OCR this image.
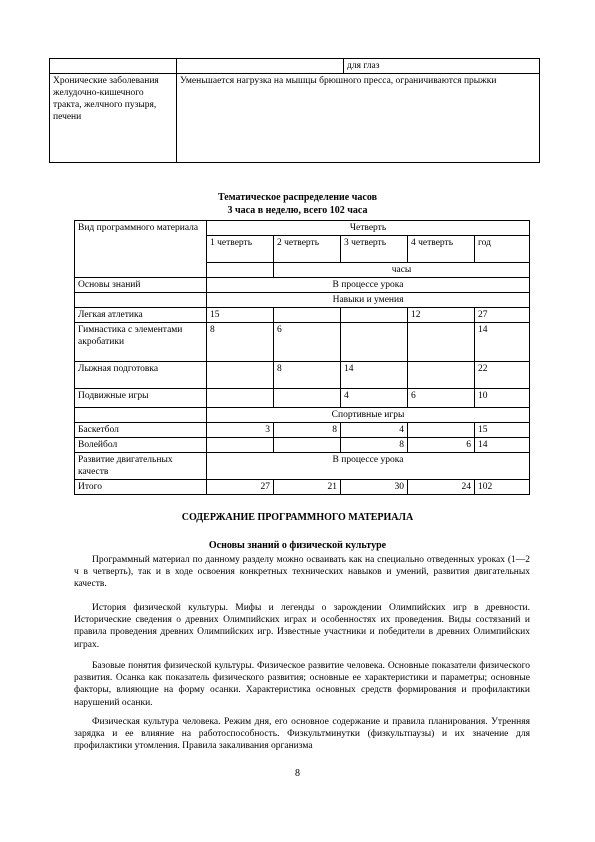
		для глаз
Хронические заболевания желудочно-кишечного тракта, желчного пузыря, печени	Уменьшается нагрузка на мышцы брюшного пресса, ограничиваются прыжки	
Тематическое распределение часов
3 часа в неделю, всего 102 часа
Вид программного материала	Четверть				
	1 четверть	2 четверть	3 четверть	4 четверть	год
		часы			
Основы знаний	В процессе урока				
	Навыки и умения				
Легкая атлетика	15			12	27
Гимнастика с элементами акробатики	8	6			14
Лыжная подготовка		8	14		22
Подвижные игры			4	6	10
	Спортивные игры				
Баскетбол	3	8	4		15
Волейбол			8	6	14
Развитие двигательных качеств	В процессе урока				
Итого	27	21	30	24	102
СОДЕРЖАНИЕ ПРОГРАММНОГО МАТЕРИАЛА
Основы знаний о физической культуре

Программный материал по данному разделу можно осваивать как на специально отведенных уроках (1—2 ч в четверть), так и в ходе освоения конкретных технических навыков и умений, развития двигательных качеств.

История физической культуры. Мифы и легенды о зарождении Олимпийских игр в древности. Исторические сведения о древних Олимпийских играх и особенностях их проведения. Виды состязаний и правила проведения древних Олимпийских игр. Известные участники и победители в древних Олимпийских играх.

Базовые понятия физической культуры. Физическое развитие человека. Основные показатели физического развития. Осанка как показатель физического развития; основные ее характеристики и параметры; основные факторы, влияющие на форму осанки. Характеристика основных средств формирования и профилактики нарушений осанки.

Физическая культура человека. Режим дня, его основное содержание и правила планирования. Утренняя зарядка и ее влияние на работоспособность. Физкультминутки (физкультпаузы) и их значение для профилактики утомления. Правила закаливания организма

8
